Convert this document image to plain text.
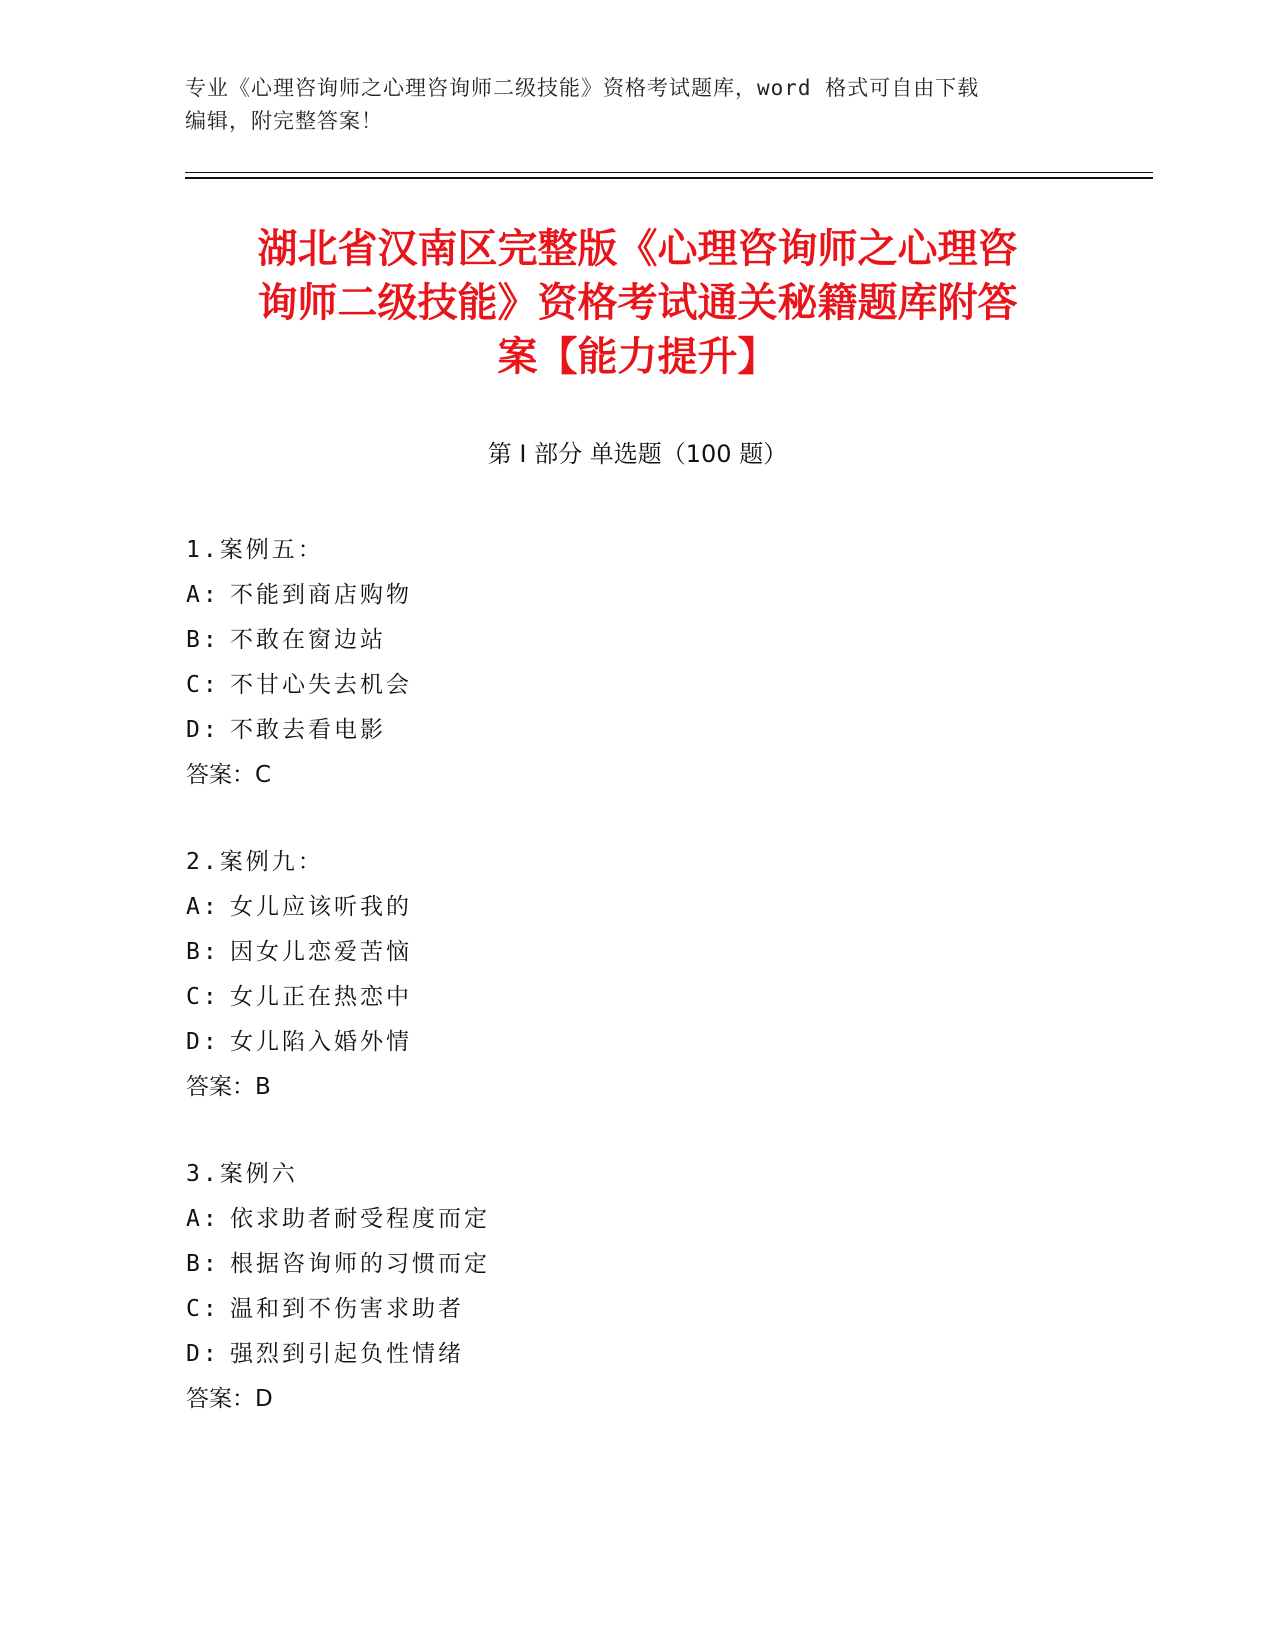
专业《心理咨询师之心理咨询师二级技能》资格考试题库，word 格式可自由下载
编辑，附完整答案！
湖北省汉南区完整版《心理咨询师之心理咨
询师二级技能》资格考试通关秘籍题库附答
案【能力提升】
第 I 部分 单选题（100 题）
1.案例五：
A: 不能到商店购物
B: 不敢在窗边站
C: 不甘心失去机会
D: 不敢去看电影
答案：C
2.案例九：
A: 女儿应该听我的
B: 因女儿恋爱苦恼
C: 女儿正在热恋中
D: 女儿陷入婚外情
答案：B
3.案例六
A: 依求助者耐受程度而定
B: 根据咨询师的习惯而定
C: 温和到不伤害求助者
D: 强烈到引起负性情绪
答案：D
